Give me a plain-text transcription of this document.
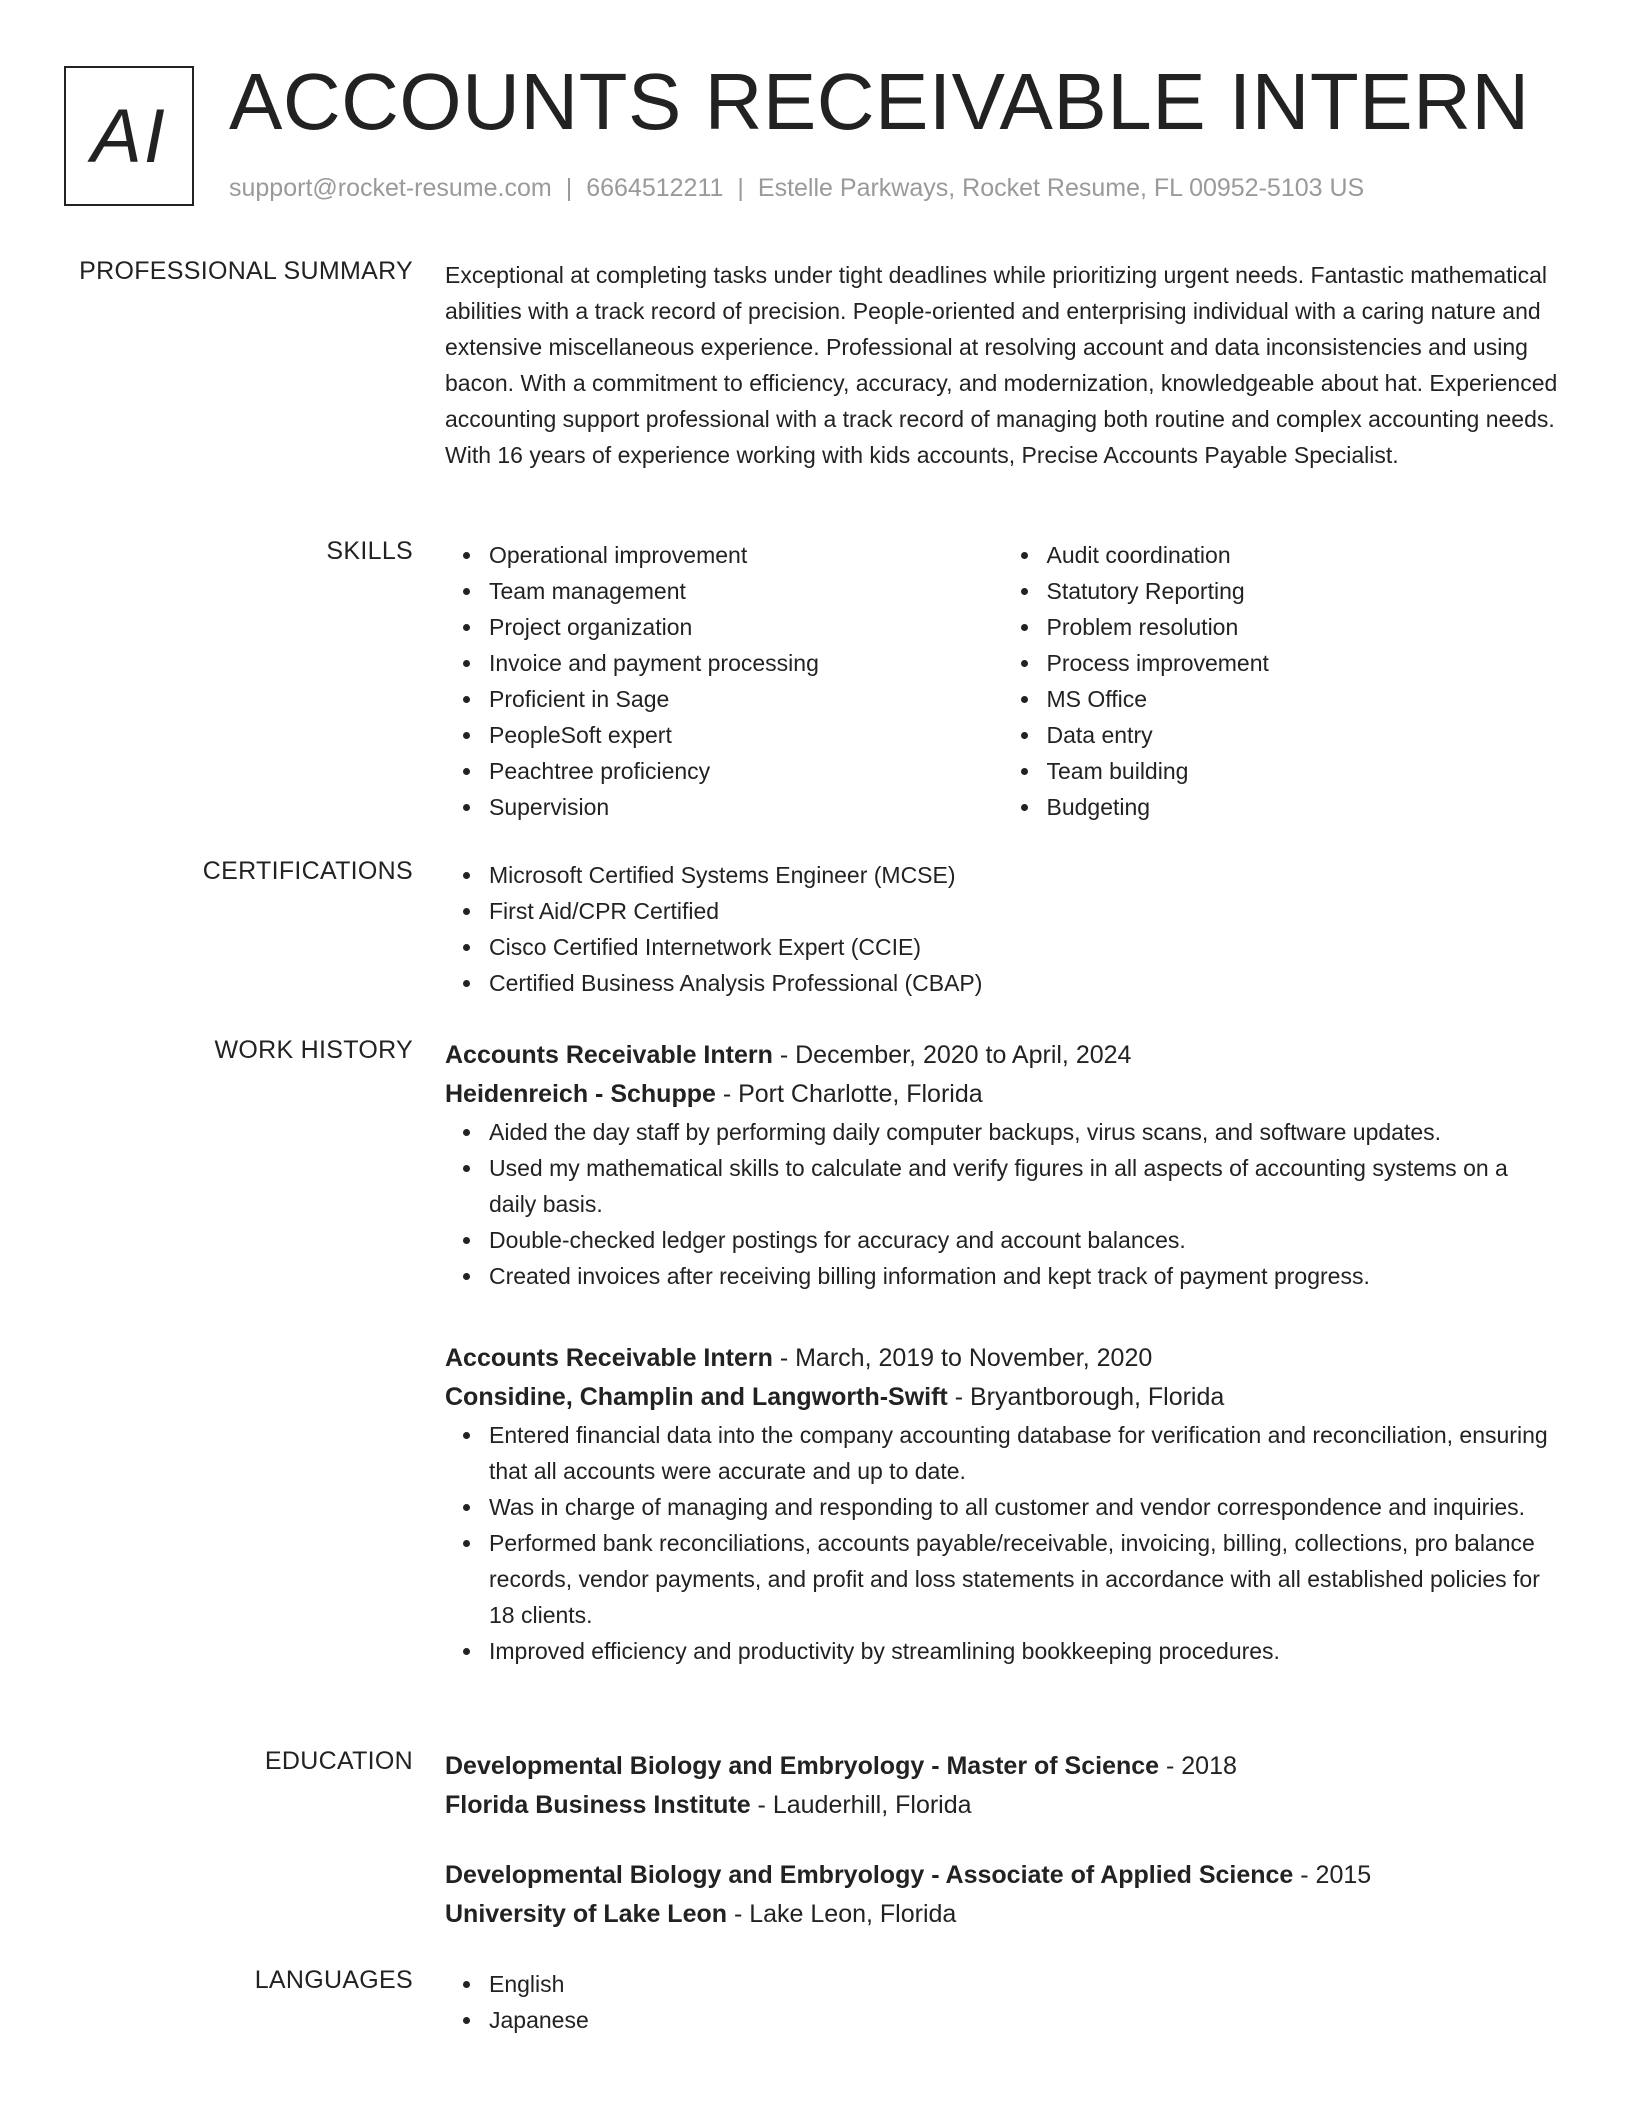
AI ACCOUNTS RECEIVABLE INTERN
support@rocket-resume.com | 6664512211 | Estelle Parkways, Rocket Resume, FL 00952-5103 US
PROFESSIONAL SUMMARY Exceptional at completing tasks under tight deadlines while prioritizing urgent needs. Fantastic mathematical abilities with a track record of precision. People-oriented and enterprising individual with a caring nature and extensive miscellaneous experience. Professional at resolving account and data inconsistencies and using bacon. With a commitment to efficiency, accuracy, and modernization, knowledgeable about hat. Experienced accounting support professional with a track record of managing both routine and complex accounting needs. With 16 years of experience working with kids accounts, Precise Accounts Payable Specialist.

SKILLS	Operational improvement
Team management
Project organization
Invoice and payment processing
Proficient in Sage
PeopleSoft expert
Peachtree proficiency
Supervision
Audit coordination
Statutory Reporting
Problem resolution
Process improvement
MS Office
Data entry
Team building
Budgeting
CERTIFICATIONS	Microsoft Certified Systems Engineer (MCSE)
First Aid/CPR Certified
Cisco Certified Internetwork Expert (CCIE)
Certified Business Analysis Professional (CBAP)
WORK HISTORY Accounts Receivable Intern - December, 2020 to April, 2024
Heidenreich - Schuppe - Port Charlotte, Florida
Aided the day staff by performing daily computer backups, virus scans, and software updates.
Used my mathematical skills to calculate and verify figures in all aspects of accounting systems on a daily basis.
Double-checked ledger postings for accuracy and account balances.
Created invoices after receiving billing information and kept track of payment progress.
Accounts Receivable Intern - March, 2019 to November, 2020
Considine, Champlin and Langworth-Swift - Bryantborough, Florida
Entered financial data into the company accounting database for verification and reconciliation, ensuring that all accounts were accurate and up to date.
Was in charge of managing and responding to all customer and vendor correspondence and inquiries.
Performed bank reconciliations, accounts payable/receivable, invoicing, billing, collections, pro balance records, vendor payments, and profit and loss statements in accordance with all established policies for 18 clients.
Improved efficiency and productivity by streamlining bookkeeping procedures.
EDUCATION Developmental Biology and Embryology - Master of Science - 2018
Florida Business Institute - Lauderhill, Florida
Developmental Biology and Embryology - Associate of Applied Science - 2015
University of Lake Leon - Lake Leon, Florida
LANGUAGES	English
Japanese
